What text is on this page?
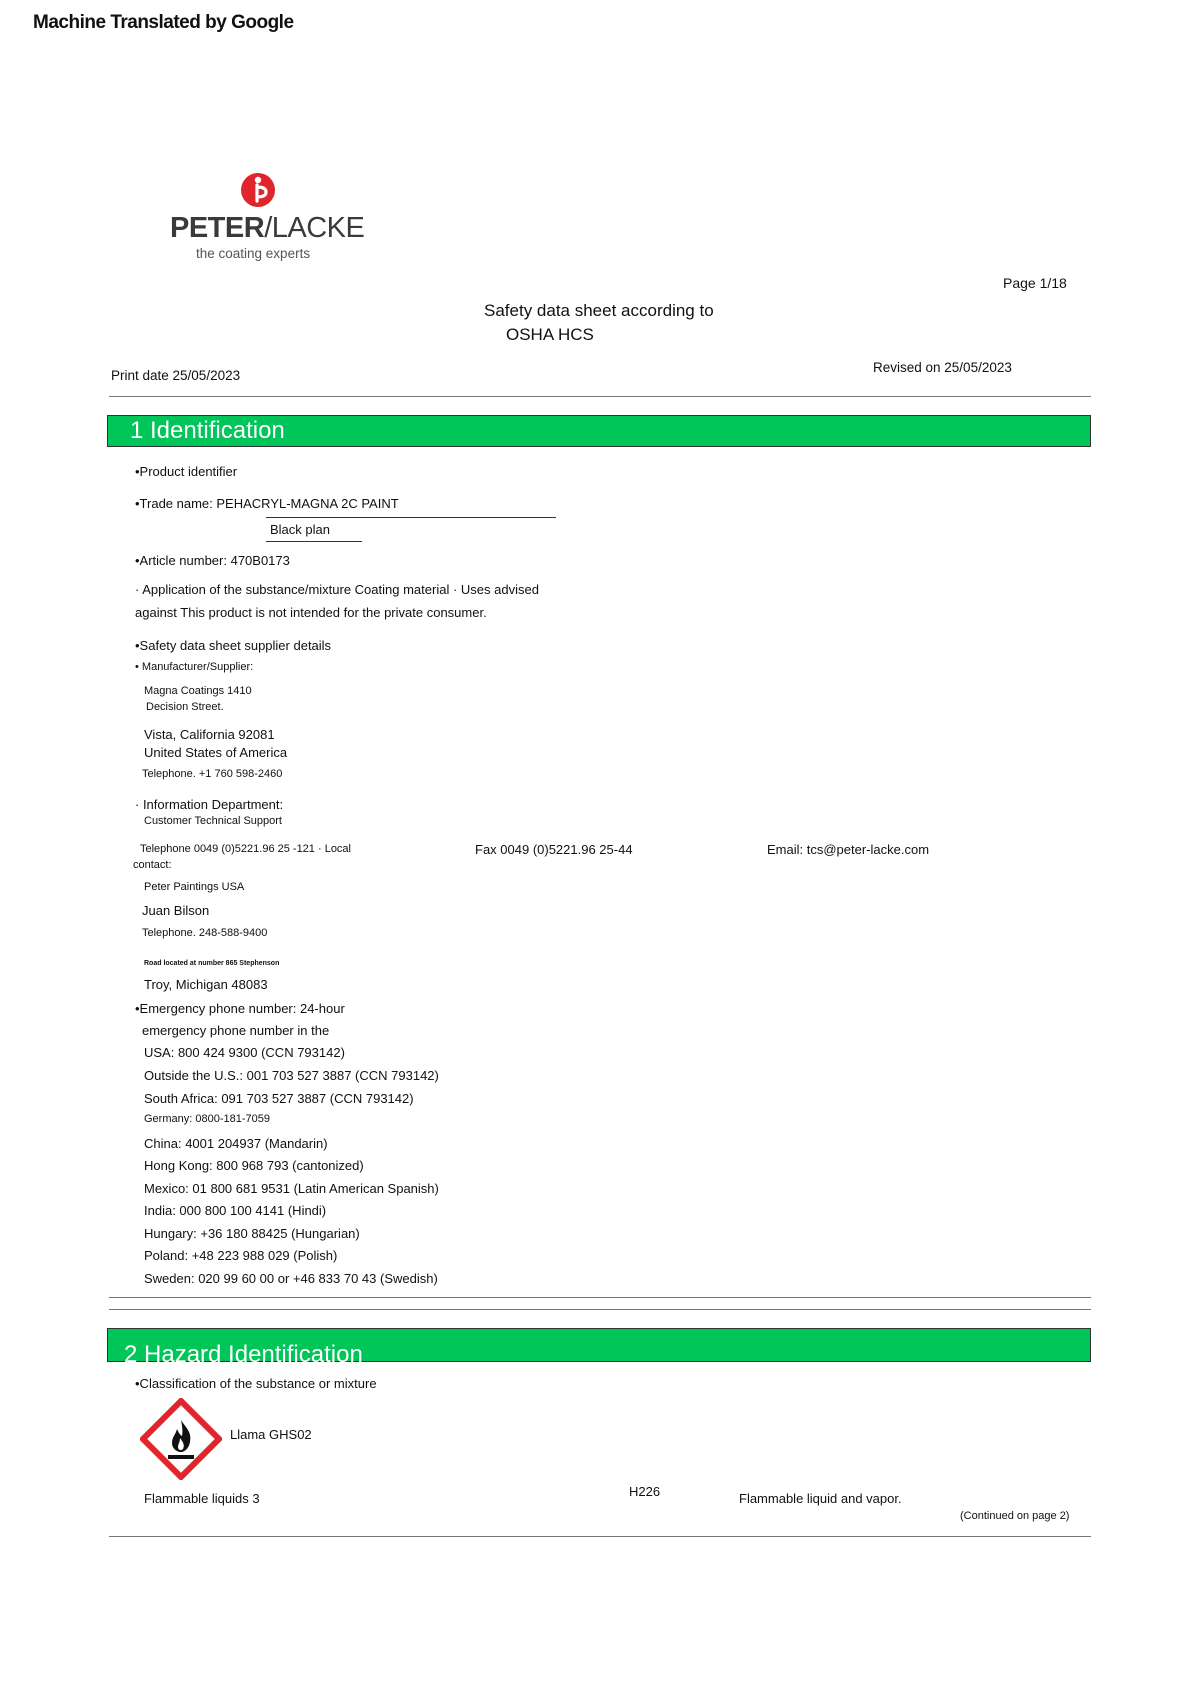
Machine Translated by Google
PETER/LACKE
the coating experts
Page 1/18
Safety data sheet according to
OSHA HCS
Print date 25/05/2023
Revised on 25/05/2023
1 Identification
•Product identifier
•Trade name: PEHACRYL-MAGNA 2C PAINT
Black plan
•Article number: 470B0173
· Application of the substance/mixture Coating material · Uses advised
against This product is not intended for the private consumer.
•Safety data sheet supplier details
• Manufacturer/Supplier:
Magna Coatings 1410
Decision Street.
Vista, California 92081
United States of America
Telephone. +1 760 598-2460
· Information Department:
Customer Technical Support
Telephone 0049 (0)5221.96 25 -121 · Local
contact:
Fax 0049 (0)5221.96 25-44	Email: tcs@peter-lacke.com
Peter Paintings USA
Juan Bilson
Telephone. 248-588-9400
Road located at number 865 Stephenson
Troy, Michigan 48083
•Emergency phone number: 24-hour
emergency phone number in the
USA: 800 424 9300 (CCN 793142)
Outside the U.S.: 001 703 527 3887 (CCN 793142)
South Africa: 091 703 527 3887 (CCN 793142)
Germany: 0800-181-7059
China: 4001 204937 (Mandarin)
Hong Kong: 800 968 793 (cantonized)
Mexico: 01 800 681 9531 (Latin American Spanish)
India: 000 800 100 4141 (Hindi)
Hungary: +36 180 88425 (Hungarian)
Poland: +48 223 988 029 (Polish)
Sweden: 020 99 60 00 or +46 833 70 43 (Swedish)
2 Hazard Identification
•Classification of the substance or mixture
Llama GHS02
Flammable liquids 3	H226	Flammable liquid and vapor.
(Continued on page 2)
